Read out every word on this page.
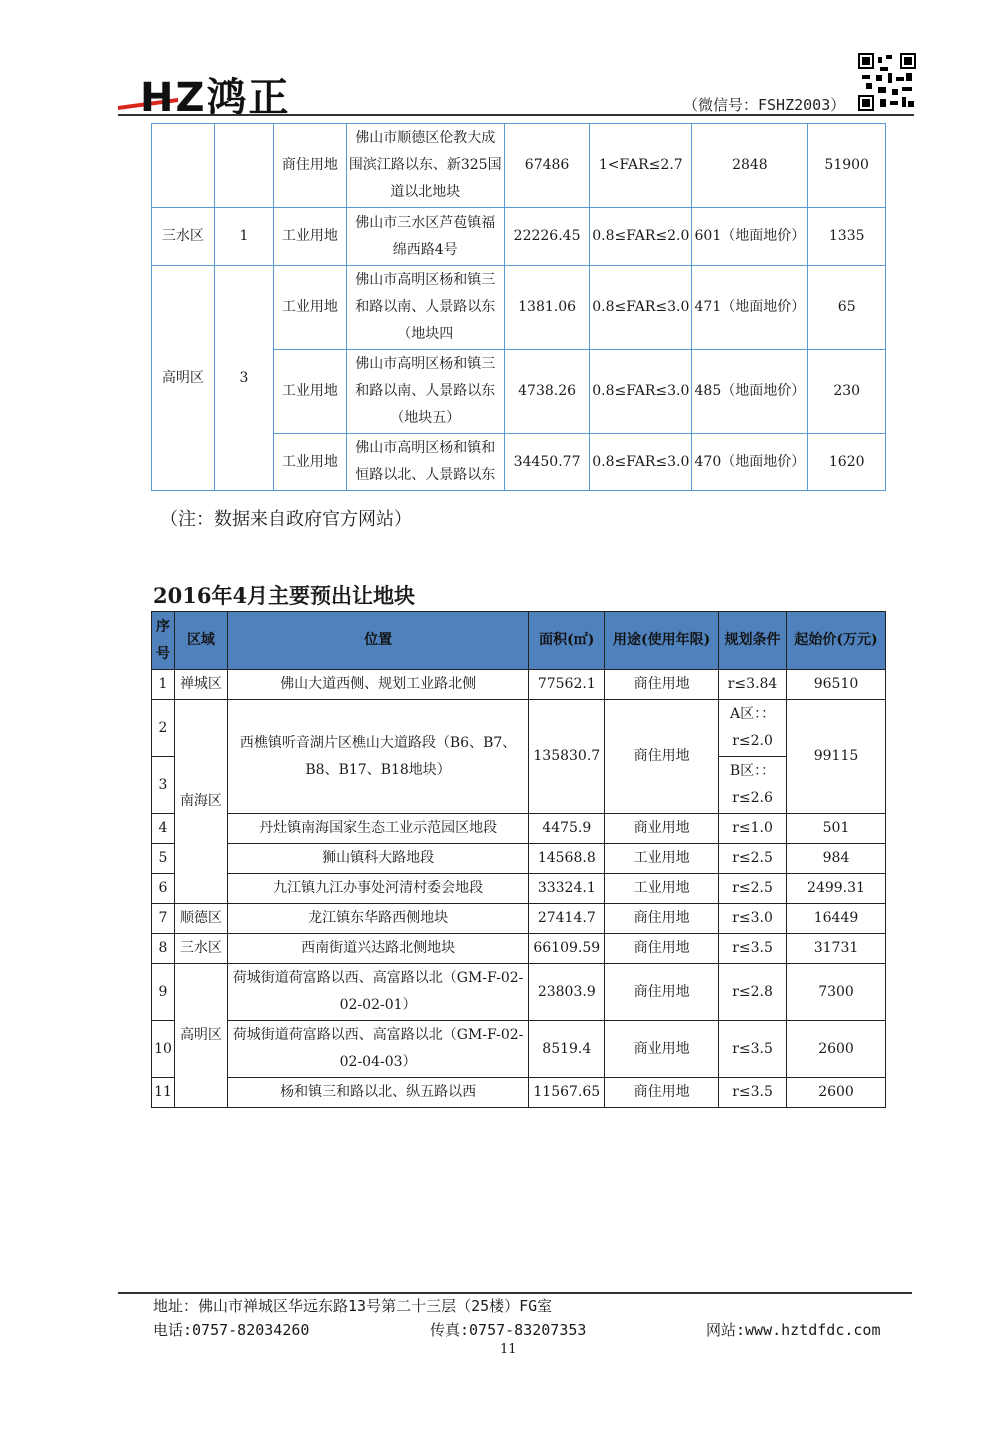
HZ鸿正	（微信号：FSHZ2003）
		商住用地	佛山市顺德区伦教大成围滨江路以东、新325国道以北地块	67486	1<FAR≤2.7	2848	51900
三水区	1	工业用地	佛山市三水区芦苞镇福绵西路4号	22226.45	0.8≤FAR≤2.0	601（地面地价）	1335
高明区	3	工业用地	佛山市高明区杨和镇三和路以南、人景路以东（地块四	1381.06	0.8≤FAR≤3.0	471（地面地价）	65
		工业用地	佛山市高明区杨和镇三和路以南、人景路以东（地块五）	4738.26	0.8≤FAR≤3.0	485（地面地价）	230
		工业用地	佛山市高明区杨和镇和恒路以北、人景路以东	34450.77	0.8≤FAR≤3.0	470（地面地价）	1620
（注：数据来自政府官方网站）
2016年4月主要预出让地块
序号	区域	位置	面积(㎡)	用途(使用年限)	规划条件	起始价(万元)
1	禅城区	佛山大道西侧、规划工业路北侧	77562.1	商住用地	r≤3.84	96510
2	南海区	西樵镇听音湖片区樵山大道路段（B6、B7、B8、B17、B18地块）	135830.7	商住用地	A区：：r≤2.0	99115
3					B区：：r≤2.6	
4		丹灶镇南海国家生态工业示范园区地段	4475.9	商业用地	r≤1.0	501
5		狮山镇科大路地段	14568.8	工业用地	r≤2.5	984
6		九江镇九江办事处河清村委会地段	33324.1	工业用地	r≤2.5	2499.31
7	顺德区	龙江镇东华路西侧地块	27414.7	商住用地	r≤3.0	16449
8	三水区	西南街道兴达路北侧地块	66109.59	商住用地	r≤3.5	31731
9	高明区	荷城街道荷富路以西、高富路以北（GM-F-02-02-02-01）	23803.9	商住用地	r≤2.8	7300
10		荷城街道荷富路以西、高富路以北（GM-F-02-02-04-03）	8519.4	商业用地	r≤3.5	2600
11		杨和镇三和路以北、纵五路以西	11567.65	商住用地	r≤3.5	2600
地址：佛山市禅城区华远东路13号第二十三层（25楼）FG室
电话:0757-82034260	传真:0757-83207353	网站:www.hztdfdc.com
11
